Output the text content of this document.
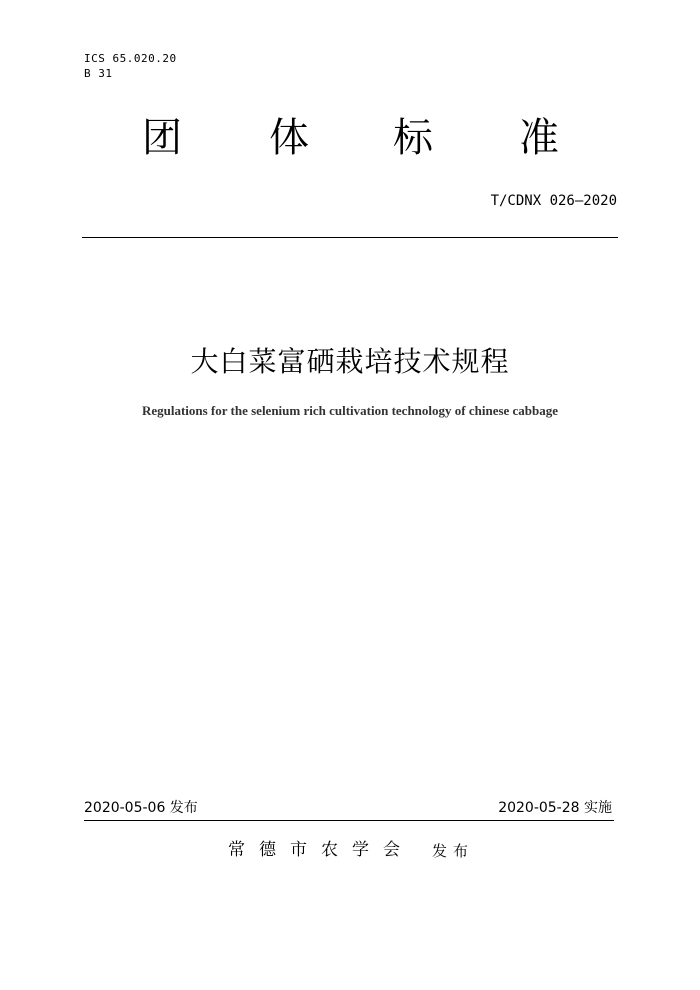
ICS 65.020.20
B 31
团 体 标 准
T/CDNX 026—2020
大白菜富硒栽培技术规程
Regulations for the selenium rich cultivation technology of chinese cabbage
2020-05-06 发布	2020-05-28 实施
常德市农学会 发布
